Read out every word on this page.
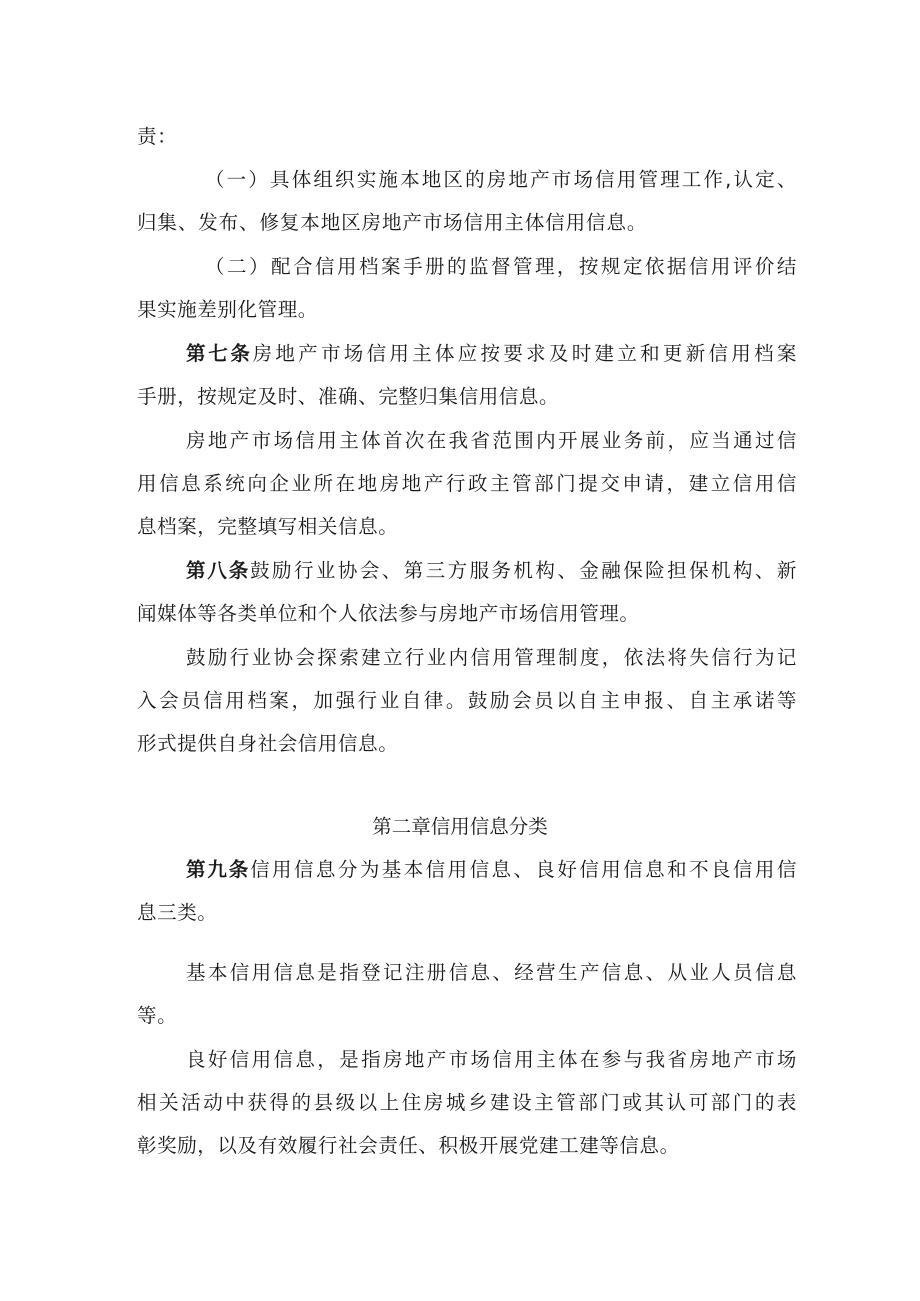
责：
（一）具体组织实施本地区的房地产市场信用管理工作,认定、
归集、发布、修复本地区房地产市场信用主体信用信息。
（二）配合信用档案手册的监督管理，按规定依据信用评价结
果实施差别化管理。
第七条房地产市场信用主体应按要求及时建立和更新信用档案
手册，按规定及时、准确、完整归集信用信息。
房地产市场信用主体首次在我省范围内开展业务前，应当通过信
用信息系统向企业所在地房地产行政主管部门提交申请，建立信用信
息档案，完整填写相关信息。
第八条鼓励行业协会、第三方服务机构、金融保险担保机构、新
闻媒体等各类单位和个人依法参与房地产市场信用管理。
鼓励行业协会探索建立行业内信用管理制度，依法将失信行为记
入会员信用档案，加强行业自律。鼓励会员以自主申报、自主承诺等
形式提供自身社会信用信息。
第二章信用信息分类
第九条信用信息分为基本信用信息、良好信用信息和不良信用信
息三类。
基本信用信息是指登记注册信息、经营生产信息、从业人员信息
等。
良好信用信息，是指房地产市场信用主体在参与我省房地产市场
相关活动中获得的县级以上住房城乡建设主管部门或其认可部门的表
彰奖励，以及有效履行社会责任、积极开展党建工建等信息。
